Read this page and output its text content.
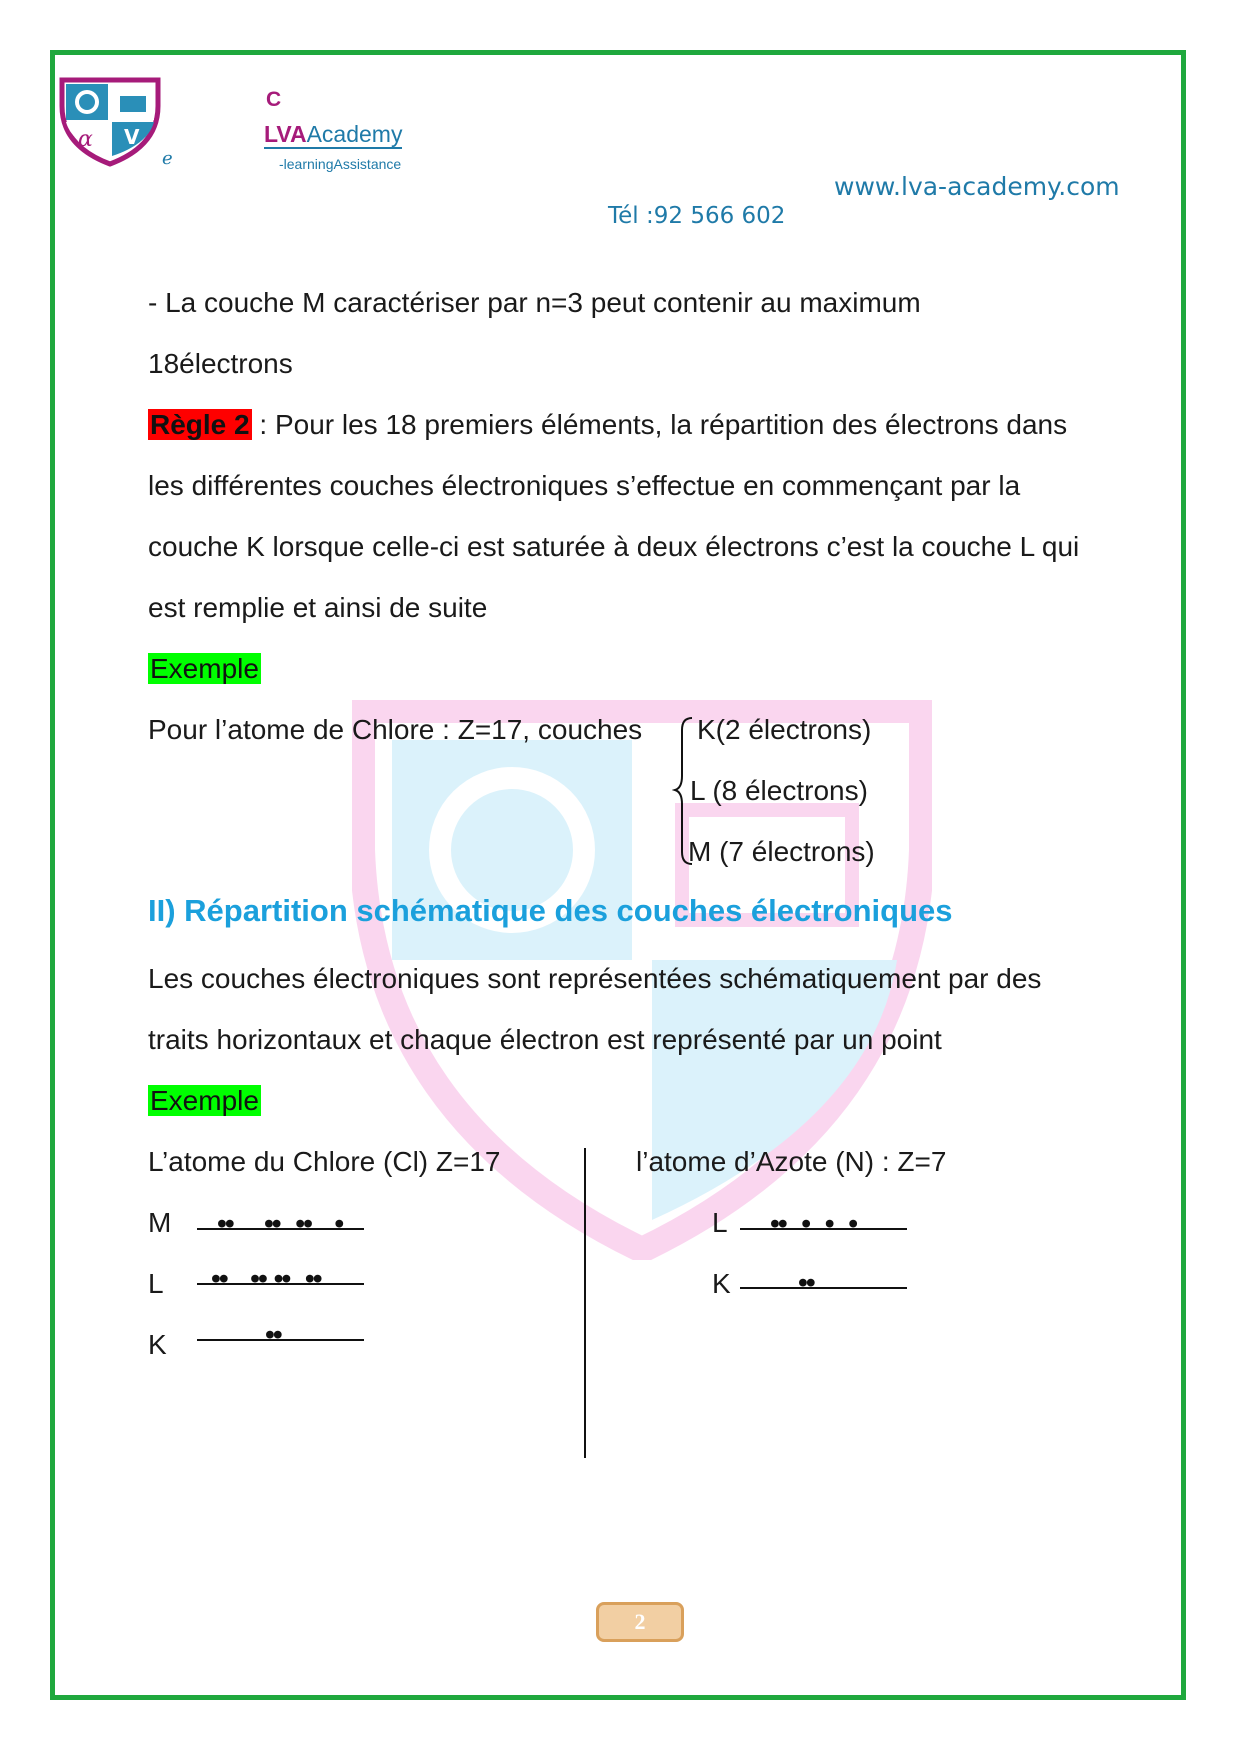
α V
C
LVAAcademy
-learningAssistance
e
www.lva-academy.com
Tél :92 566 602
- La couche M caractériser par n=3 peut contenir au maximum
18électrons
Règle 2 : Pour les 18 premiers éléments, la répartition des électrons dans
les différentes couches électroniques s’effectue en commençant par la
couche K lorsque celle-ci est saturée à deux électrons c’est la couche L qui
est remplie et ainsi de suite
Exemple
Pour l’atome de Chlore : Z=17, couches K(2 électrons)
L (8 électrons)
M (7 électrons)
II) Répartition schématique des couches électroniques
Les couches électroniques sont représentées schématiquement par des
traits horizontaux et chaque électron est représenté par un point
Exemple
L’atome du Chlore (Cl) Z=17	l’atome d’Azote (N) : Z=7
M	●●    ●●  ●●   ●
L	●●   ●● ●●  ●●
K	●●
L	●●  ●  ●  ●
K	●●
2
